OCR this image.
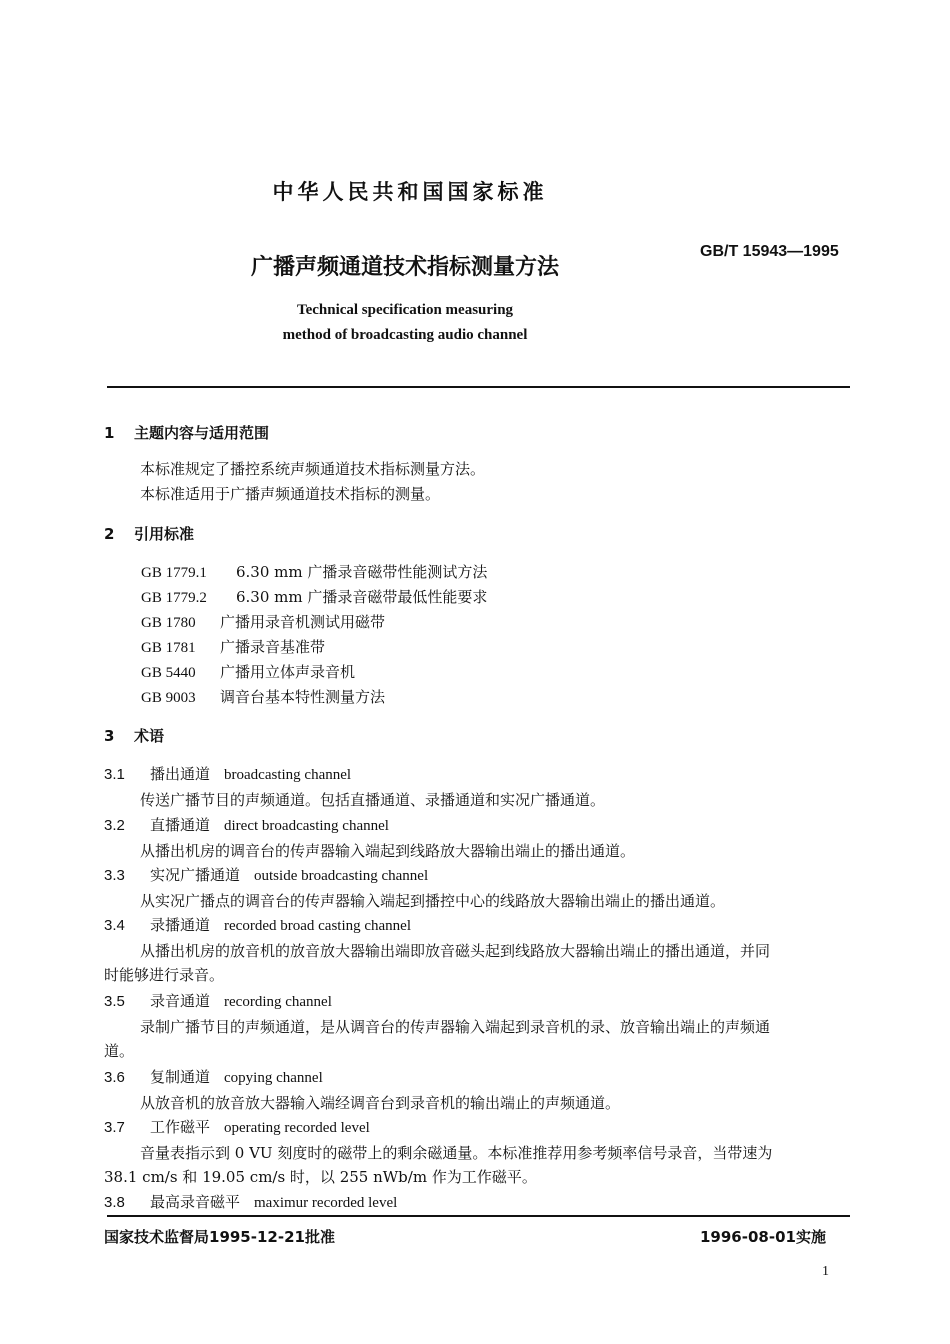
中华人民共和国国家标准
广播声频通道技术指标测量方法
GB/T 15943—1995
Technical specification measuring
method of broadcasting audio channel
1 主题内容与适用范围
本标准规定了播控系统声频通道技术指标测量方法。
本标准适用于广播声频通道技术指标的测量。
2 引用标准
GB 1779.1 6.30 mm 广播录音磁带性能测试方法
GB 1779.2 6.30 mm 广播录音磁带最低性能要求
GB 1780 广播用录音机测试用磁带
GB 1781 广播录音基准带
GB 5440 广播用立体声录音机
GB 9003 调音台基本特性测量方法
3 术语
3.1 播出通道 broadcasting channel
传送广播节目的声频通道。包括直播通道、录播通道和实况广播通道。
3.2 直播通道 direct broadcasting channel
从播出机房的调音台的传声器输入端起到线路放大器输出端止的播出通道。
3.3 实况广播通道 outside broadcasting channel
从实况广播点的调音台的传声器输入端起到播控中心的线路放大器输出端止的播出通道。
3.4 录播通道 recorded broad casting channel
从播出机房的放音机的放音放大器输出端即放音磁头起到线路放大器输出端止的播出通道，并同
时能够进行录音。
3.5 录音通道 recording channel
录制广播节目的声频通道，是从调音台的传声器输入端起到录音机的录、放音输出端止的声频通
道。
3.6 复制通道 copying channel
从放音机的放音放大器输入端经调音台到录音机的输出端止的声频通道。
3.7 工作磁平 operating recorded level
音量表指示到 0 VU 刻度时的磁带上的剩余磁通量。本标准推荐用参考频率信号录音，当带速为
38.1 cm/s 和 19.05 cm/s 时，以 255 nWb/m 作为工作磁平。
3.8 最高录音磁平 maximur recorded level
国家技术监督局1995-12-21批准	1996-08-01实施
1
